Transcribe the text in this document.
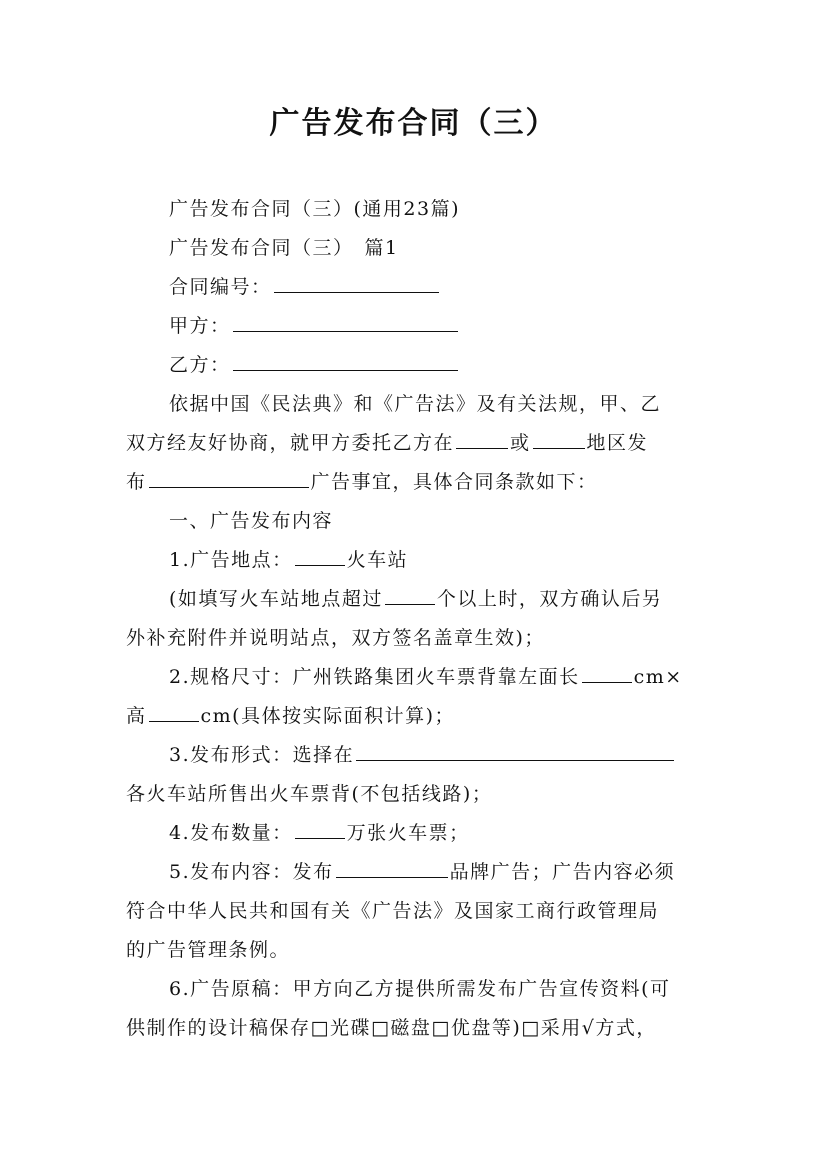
广告发布合同（三）

广告发布合同（三）(通用23篇)

广告发布合同（三）　篇1

合同编号：

甲方：

乙方：

依据中国《民法典》和《广告法》及有关法规，甲、乙

双方经友好协商，就甲方委托乙方在	或	地区发

布	广告事宜，具体合同条款如下：

一、广告发布内容

1.广告地点：	火车站

(如填写火车站地点超过	个以上时，双方确认后另

外补充附件并说明站点，双方签名盖章生效)；

2.规格尺寸：广州铁路集团火车票背靠左面长	cm×

高	cm(具体按实际面积计算)；

3.发布形式：选择在

各火车站所售出火车票背(不包括线路)；

4.发布数量：	万张火车票；

5.发布内容：发布	品牌广告；广告内容必须

符合中华人民共和国有关《广告法》及国家工商行政管理局

的广告管理条例。

6.广告原稿：甲方向乙方提供所需发布广告宣传资料(可

供制作的设计稿保存□光碟□磁盘□优盘等)□采用√方式，
